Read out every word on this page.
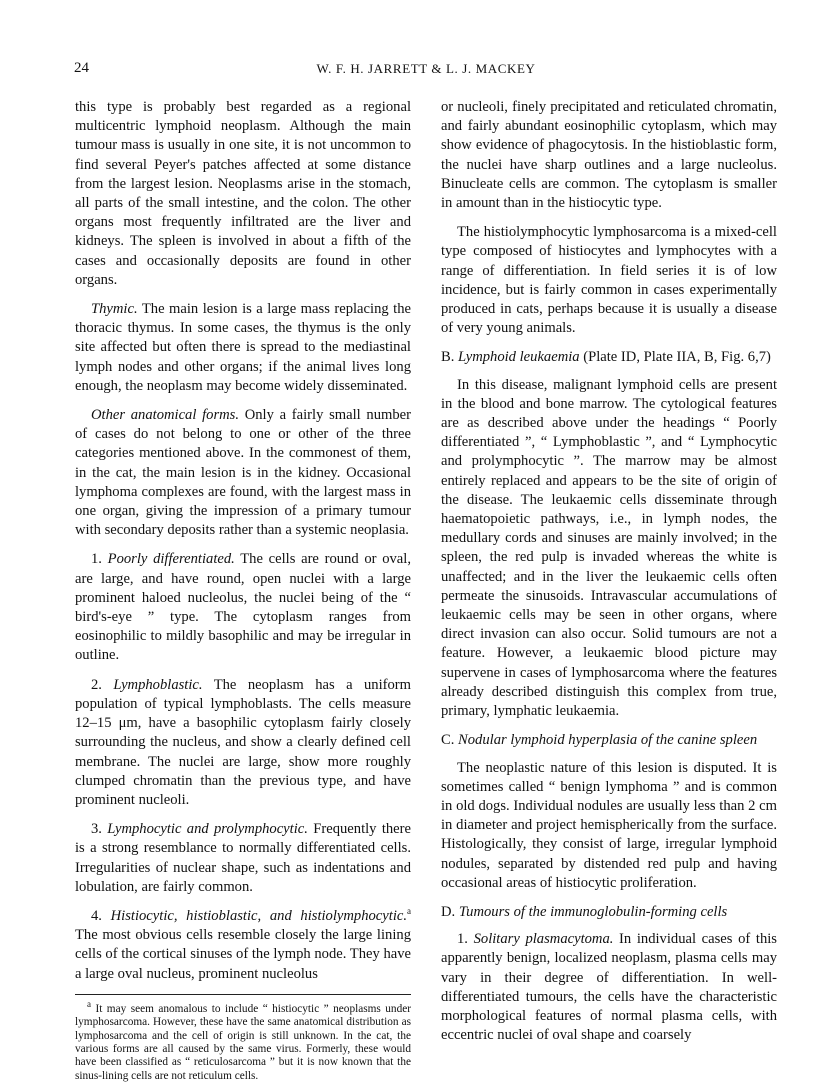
24	W. F. H. JARRETT & L. J. MACKEY

this type is probably best regarded as a regional multicentric lymphoid neoplasm. Although the main tumour mass is usually in one site, it is not uncommon to find several Peyer's patches affected at some distance from the largest lesion. Neoplasms arise in the stomach, all parts of the small intestine, and the colon. The other organs most frequently infiltrated are the liver and kidneys. The spleen is involved in about a fifth of the cases and occasionally deposits are found in other organs.

Thymic. The main lesion is a large mass replacing the thoracic thymus. In some cases, the thymus is the only site affected but often there is spread to the mediastinal lymph nodes and other organs; if the animal lives long enough, the neoplasm may become widely disseminated.

Other anatomical forms. Only a fairly small number of cases do not belong to one or other of the three categories mentioned above. In the commonest of them, in the cat, the main lesion is in the kidney. Occasional lymphoma complexes are found, with the largest mass in one organ, giving the impression of a primary tumour with secondary deposits rather than a systemic neoplasia.

1. Poorly differentiated. The cells are round or oval, are large, and have round, open nuclei with a large prominent haloed nucleolus, the nuclei being of the “ bird's-eye ” type. The cytoplasm ranges from eosinophilic to mildly basophilic and may be irregular in outline.

2. Lymphoblastic. The neoplasm has a uniform population of typical lymphoblasts. The cells measure 12–15 μm, have a basophilic cytoplasm fairly closely surrounding the nucleus, and show a clearly defined cell membrane. The nuclei are large, show more roughly clumped chromatin than the previous type, and have prominent nucleoli.

3. Lymphocytic and prolymphocytic. Frequently there is a strong resemblance to normally differentiated cells. Irregularities of nuclear shape, such as indentations and lobulation, are fairly common.

4. Histiocytic, histioblastic, and histiolymphocytic.$^a$ The most obvious cells resemble closely the large lining cells of the cortical sinuses of the lymph node. They have a large oval nucleus, prominent nucleolus

$^a$ It may seem anomalous to include “ histiocytic ” neoplasms under lymphosarcoma. However, these have the same anatomical distribution as lymphosarcoma and the cell of origin is still unknown. In the cat, the various forms are all caused by the same virus. Formerly, these would have been classified as “ reticulosarcoma ” but it is now known that the sinus-lining cells are not reticulum cells.

or nucleoli, finely precipitated and reticulated chromatin, and fairly abundant eosinophilic cytoplasm, which may show evidence of phagocytosis. In the histioblastic form, the nuclei have sharp outlines and a large nucleolus. Binucleate cells are common. The cytoplasm is smaller in amount than in the histiocytic type.

The histiolymphocytic lymphosarcoma is a mixed-cell type composed of histiocytes and lymphocytes with a range of differentiation. In field series it is of low incidence, but is fairly common in cases experimentally produced in cats, perhaps because it is usually a disease of very young animals.

B. Lymphoid leukaemia (Plate ID, Plate IIA, B, Fig. 6,7)

In this disease, malignant lymphoid cells are present in the blood and bone marrow. The cytological features are as described above under the headings “ Poorly differentiated ”, “ Lymphoblastic ”, and “ Lymphocytic and prolymphocytic ”. The marrow may be almost entirely replaced and appears to be the site of origin of the disease. The leukaemic cells disseminate through haematopoietic pathways, i.e., in lymph nodes, the medullary cords and sinuses are mainly involved; in the spleen, the red pulp is invaded whereas the white is unaffected; and in the liver the leukaemic cells often permeate the sinusoids. Intravascular accumulations of leukaemic cells may be seen in other organs, where direct invasion can also occur. Solid tumours are not a feature. However, a leukaemic blood picture may supervene in cases of lymphosarcoma where the features already described distinguish this complex from true, primary, lymphatic leukaemia.

C. Nodular lymphoid hyperplasia of the canine spleen

The neoplastic nature of this lesion is disputed. It is sometimes called “ benign lymphoma ” and is common in old dogs. Individual nodules are usually less than 2 cm in diameter and project hemispherically from the surface. Histologically, they consist of large, irregular lymphoid nodules, separated by distended red pulp and having occasional areas of histiocytic proliferation.

D. Tumours of the immunoglobulin-forming cells

1. Solitary plasmacytoma. In individual cases of this apparently benign, localized neoplasm, plasma cells may vary in their degree of differentiation. In well-differentiated tumours, the cells have the characteristic morphological features of normal plasma cells, with eccentric nuclei of oval shape and coarsely
